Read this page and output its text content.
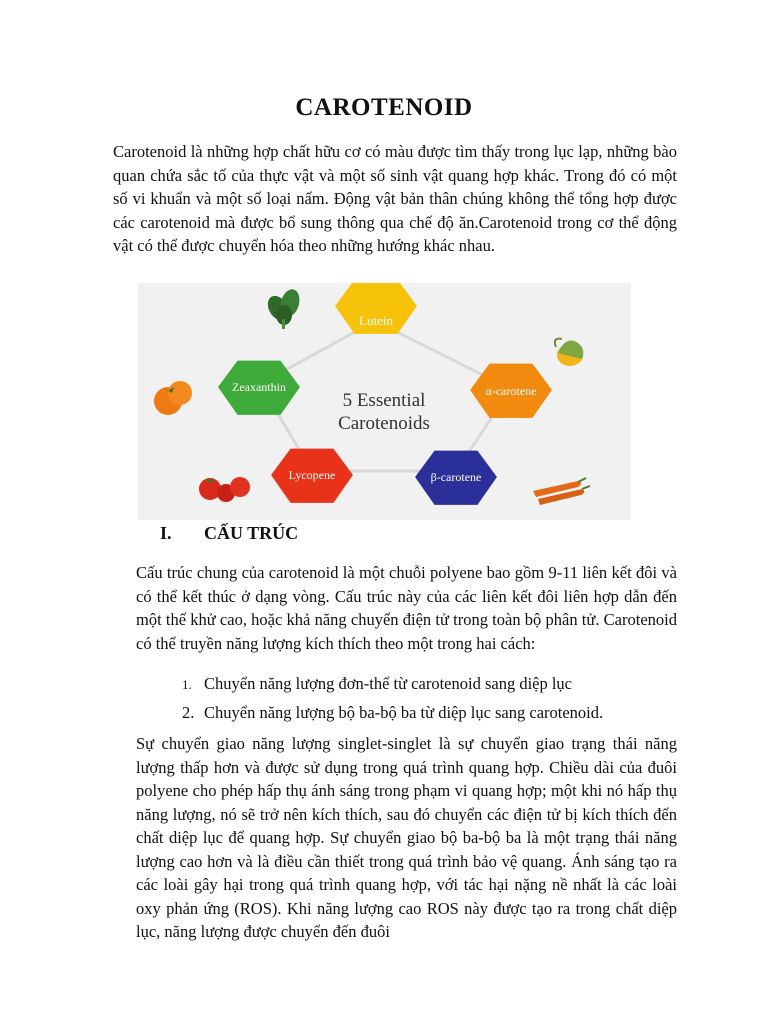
CAROTENOID

Carotenoid là những hợp chất hữu cơ có màu được tìm thấy trong lục lạp, những bào quan chứa sắc tố của thực vật và một số sinh vật quang hợp khác. Trong đó có một số vi khuẩn và một số loại nấm. Động vật bản thân chúng không thể tổng hợp được các carotenoid mà được bổ sung thông qua chế độ ăn.Carotenoid trong cơ thể động vật có thể được chuyển hóa theo những hướng khác nhau.

5 Essential
Carotenoids
Lutein
α-carotene
β-carotene
Lycopene
Zeaxanthin
I. CẤU TRÚC

Cấu trúc chung của carotenoid là một chuỗi polyene bao gồm 9-11 liên kết đôi và có thể kết thúc ở dạng vòng. Cấu trúc này của các liên kết đôi liên hợp dẫn đến một thế khử cao, hoặc khả năng chuyển điện tử trong toàn bộ phân tử. Carotenoid có thể truyền năng lượng kích thích theo một trong hai cách:

1. Chuyển năng lượng đơn-thể từ carotenoid sang diệp lục
2. Chuyển năng lượng bộ ba-bộ ba từ diệp lục sang carotenoid.

Sự chuyển giao năng lượng singlet-singlet là sự chuyển giao trạng thái năng lượng thấp hơn và được sử dụng trong quá trình quang hợp. Chiều dài của đuôi polyene cho phép hấp thụ ánh sáng trong phạm vi quang hợp; một khi nó hấp thụ năng lượng, nó sẽ trở nên kích thích, sau đó chuyển các điện tử bị kích thích đến chất diệp lục để quang hợp. Sự chuyển giao bộ ba-bộ ba là một trạng thái năng lượng cao hơn và là điều cần thiết trong quá trình bảo vệ quang. Ánh sáng tạo ra các loài gây hại trong quá trình quang hợp, với tác hại nặng nề nhất là các loài oxy phản ứng (ROS). Khi năng lượng cao ROS này được tạo ra trong chất diệp lục, năng lượng được chuyển đến đuôi
